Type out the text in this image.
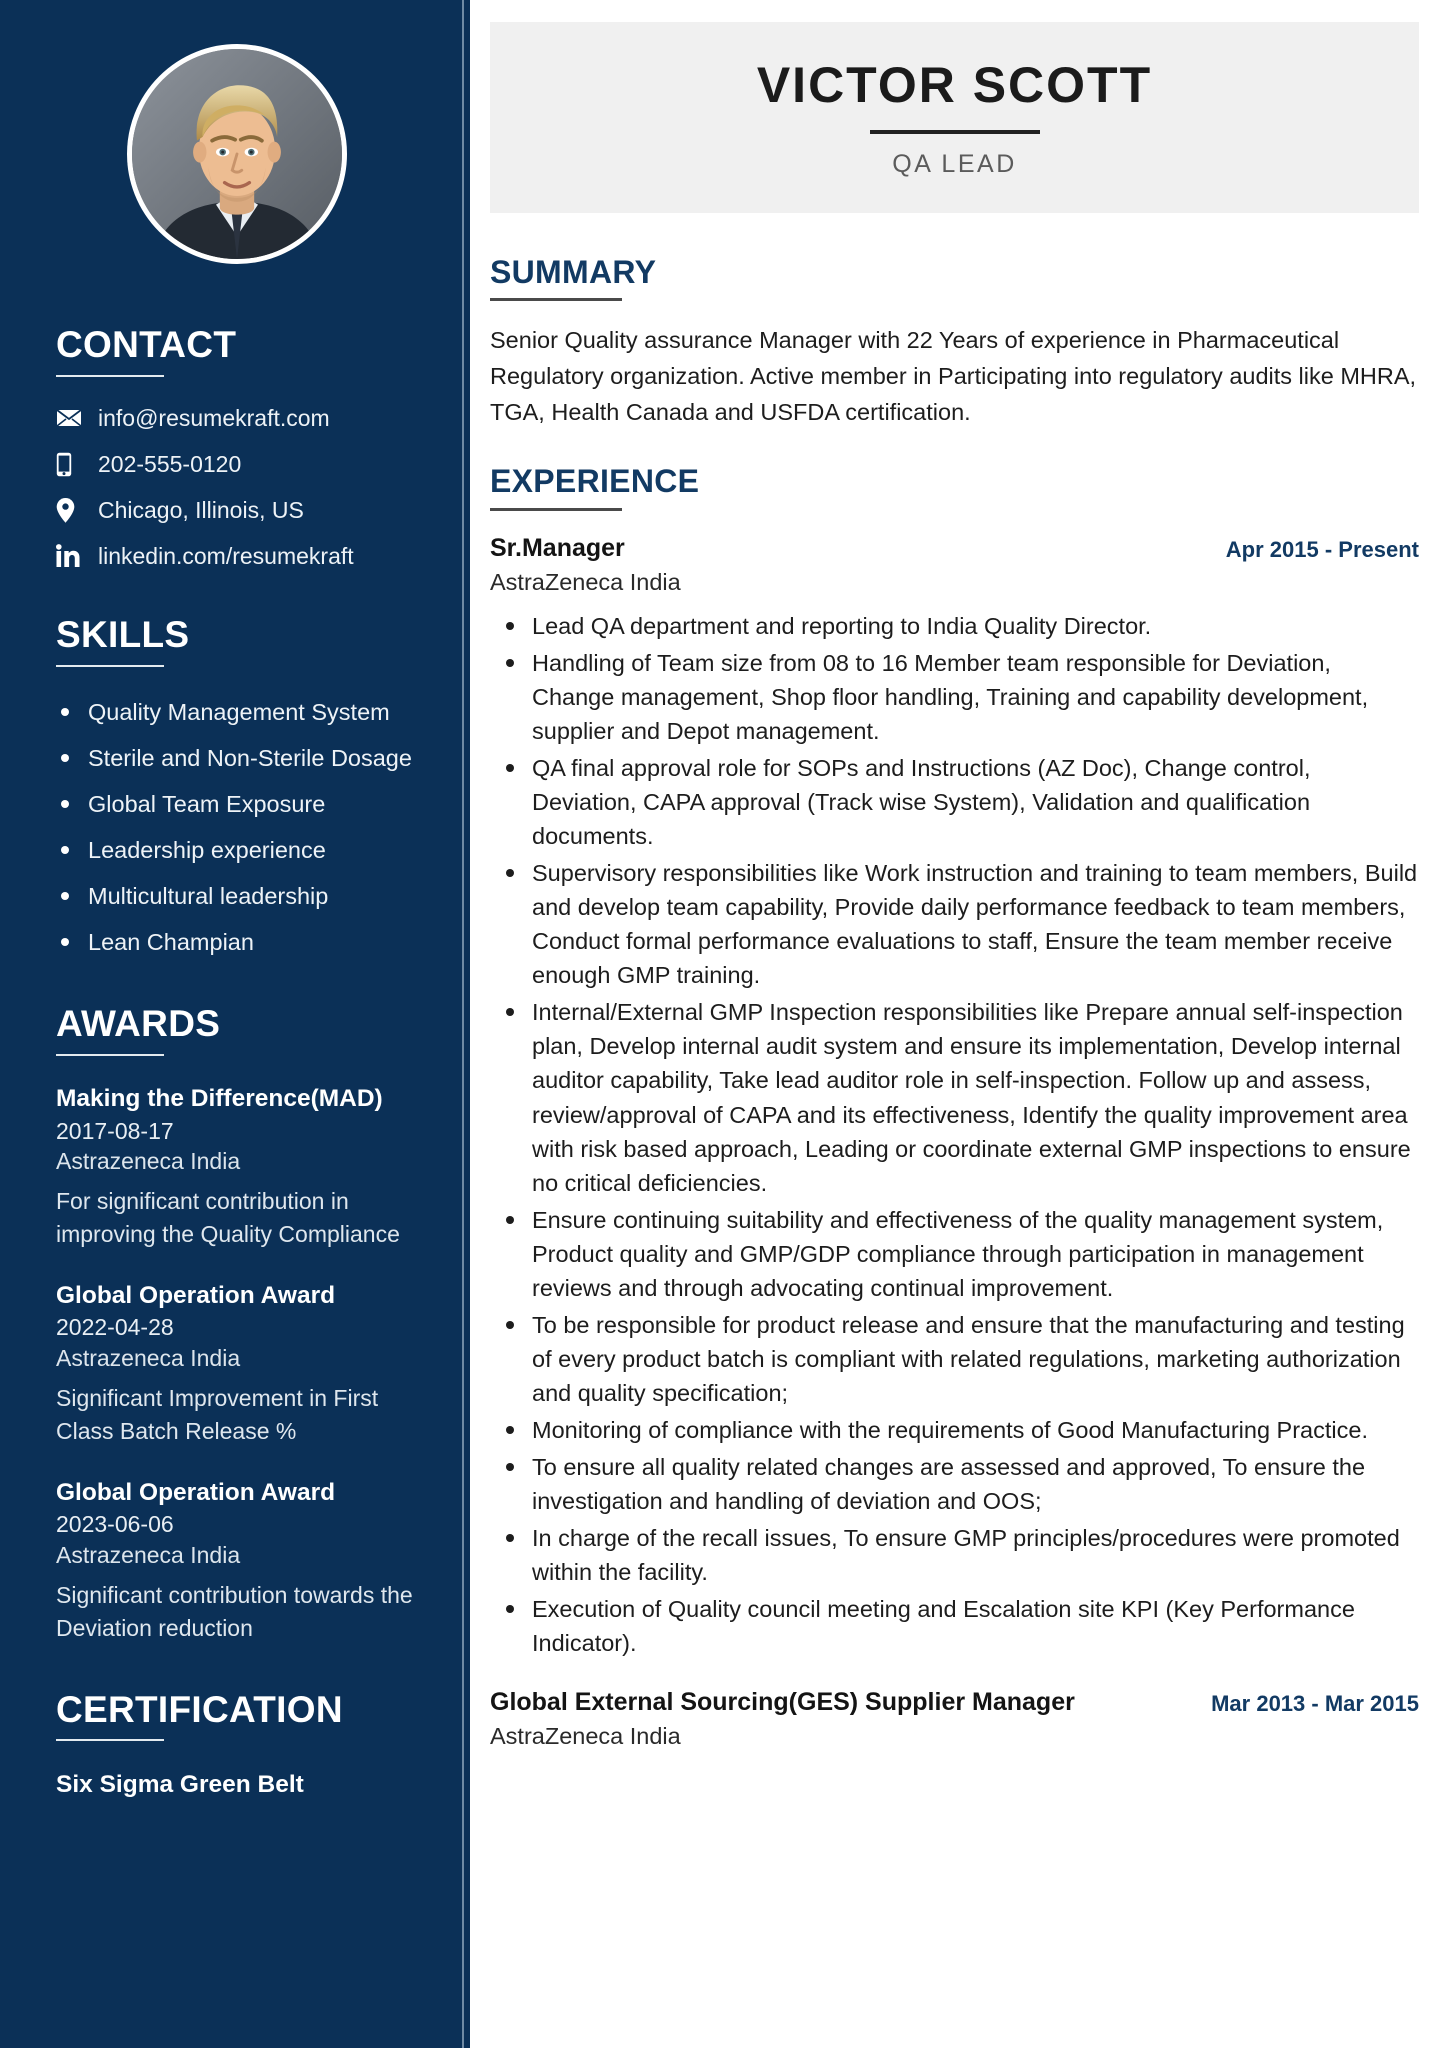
CONTACT
info@resumekraft.com
202-555-0120
Chicago, Illinois, US
linkedin.com/resumekraft
SKILLS
Quality Management System
Sterile and Non-Sterile Dosage
Global Team Exposure
Leadership experience
Multicultural leadership
Lean Champian
AWARDS
Making the Difference(MAD)
2017-08-17
Astrazeneca India
For significant contribution in improving the Quality Compliance
Global Operation Award
2022-04-28
Astrazeneca India
Significant Improvement in First Class Batch Release %
Global Operation Award
2023-06-06
Astrazeneca India
Significant contribution towards the Deviation reduction
CERTIFICATION
Six Sigma Green Belt
VICTOR SCOTT
QA LEAD
SUMMARY

Senior Quality assurance Manager with 22 Years of experience in Pharmaceutical Regulatory organization. Active member in Participating into regulatory audits like MHRA, TGA, Health Canada and USFDA certification.

EXPERIENCE
Sr.Manager
AstraZeneca India
Apr 2015 - Present
Lead QA department and reporting to India Quality Director.
Handling of Team size from 08 to 16 Member team responsible for Deviation, Change management, Shop floor handling, Training and capability development, supplier and Depot management.
QA final approval role for SOPs and Instructions (AZ Doc), Change control, Deviation, CAPA approval (Track wise System), Validation and qualification documents.
Supervisory responsibilities like Work instruction and training to team members, Build and develop team capability, Provide daily performance feedback to team members, Conduct formal performance evaluations to staff, Ensure the team member receive enough GMP training.
Internal/External GMP Inspection responsibilities like Prepare annual self-inspection plan, Develop internal audit system and ensure its implementation, Develop internal auditor capability, Take lead auditor role in self-inspection. Follow up and assess, review/approval of CAPA and its effectiveness, Identify the quality improvement area with risk based approach, Leading or coordinate external GMP inspections to ensure no critical deficiencies.
Ensure continuing suitability and effectiveness of the quality management system, Product quality and GMP/GDP compliance through participation in management reviews and through advocating continual improvement.
To be responsible for product release and ensure that the manufacturing and testing of every product batch is compliant with related regulations, marketing authorization and quality specification;
Monitoring of compliance with the requirements of Good Manufacturing Practice.
To ensure all quality related changes are assessed and approved, To ensure the investigation and handling of deviation and OOS;
In charge of the recall issues, To ensure GMP principles/procedures were promoted within the facility.
Execution of Quality council meeting and Escalation site KPI (Key Performance Indicator).
Global External Sourcing(GES) Supplier Manager
AstraZeneca India
Mar 2013 - Mar 2015
